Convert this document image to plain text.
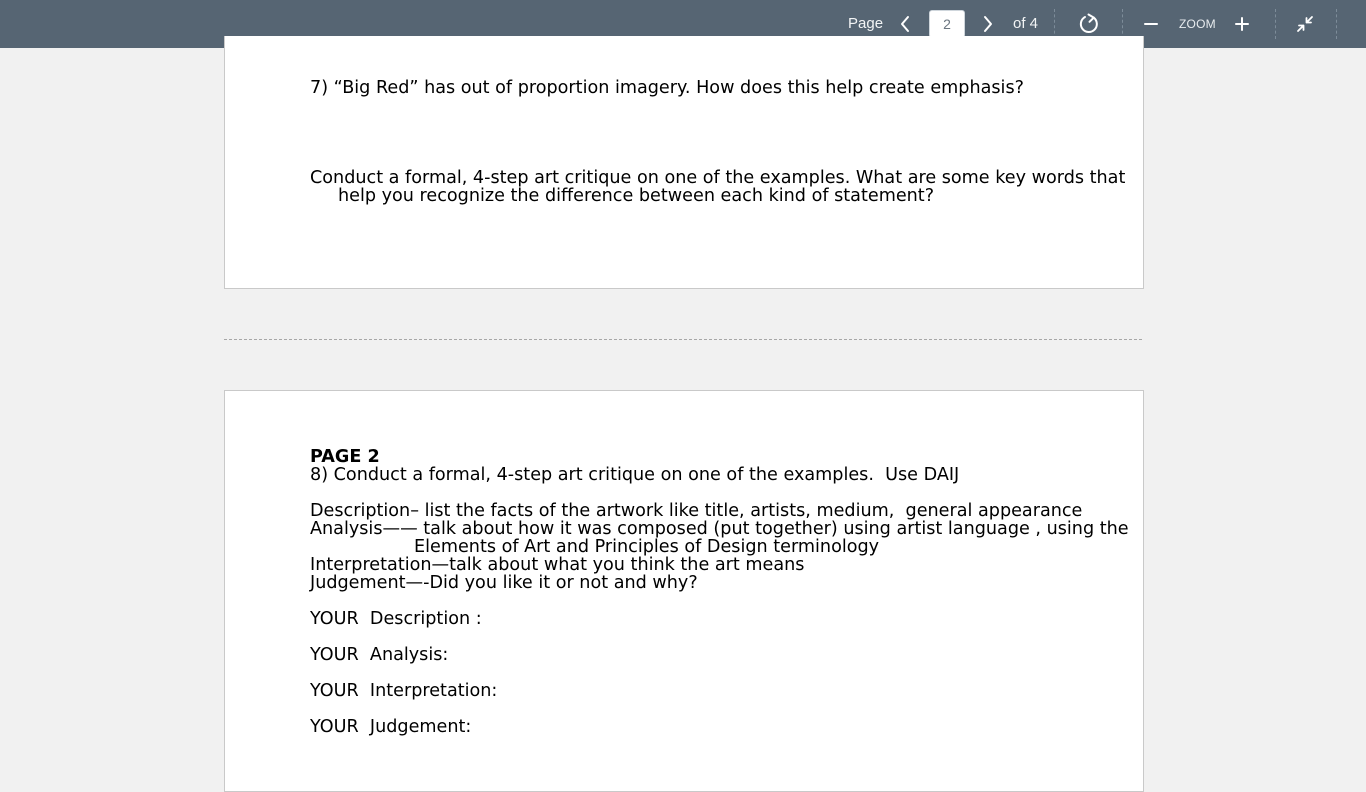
Page
2	of 4	ZOOM
7) “Big Red” has out of proportion imagery. How does this help create emphasis?
Conduct a formal, 4-step art critique on one of the examples. What are some key words that
help you recognize the difference between each kind of statement?
PAGE 2
8) Conduct a formal, 4-step art critique on one of the examples.  Use DAIJ
Description– list the facts of the artwork like title, artists, medium,  general appearance
Analysis—— talk about how it was composed (put together) using artist language , using the
Elements of Art and Principles of Design terminology
Interpretation—talk about what you think the art means
Judgement—-Did you like it or not and why?
YOUR  Description :
YOUR  Analysis:
YOUR  Interpretation:
YOUR  Judgement:
